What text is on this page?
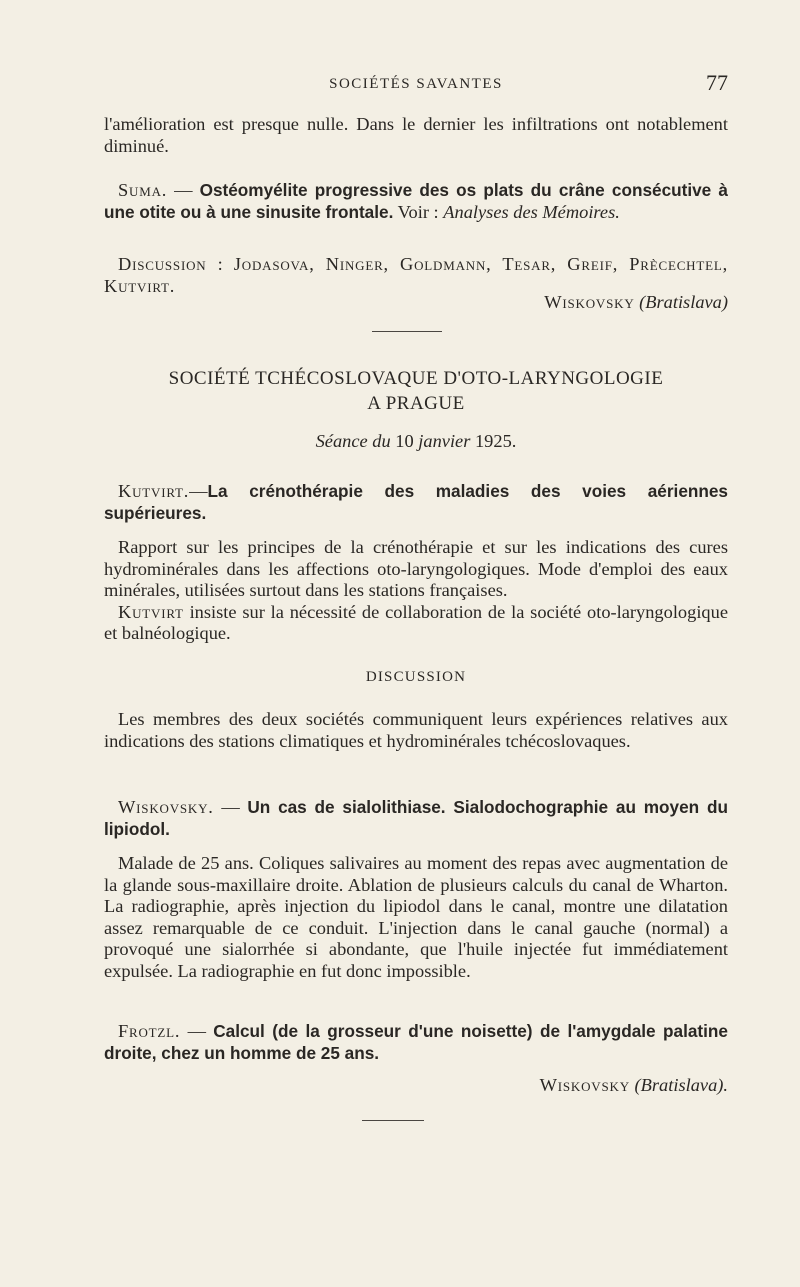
SOCIÉTÉS SAVANTES	77

l'amélioration est presque nulle. Dans le dernier les infiltrations ont notablement diminué.

Suma. — Ostéomyélite progressive des os plats du crâne consécutive à une otite ou à une sinusite frontale. Voir : Analyses des Mémoires.

Discussion : Jodasova, Ninger, Goldmann, Tesar, Greif, Prècechtel, Kutvirt.

Wiskovsky (Bratislava)

SOCIÉTÉ TCHÉCOSLOVAQUE D'OTO-LARYNGOLOGIE
A PRAGUE
Séance du 10 janvier 1925.

Kutvirt.—La crénothérapie des maladies des voies aériennes supérieures.

Rapport sur les principes de la crénothérapie et sur les indications des cures hydrominérales dans les affections oto-laryngologiques. Mode d'emploi des eaux minérales, utilisées surtout dans les stations françaises.

Kutvirt insiste sur la nécessité de collaboration de la société oto-laryngologique et balnéologique.

DISCUSSION

Les membres des deux sociétés communiquent leurs expériences relatives aux indications des stations climatiques et hydrominérales tchécoslovaques.

Wiskovsky. — Un cas de sialolithiase. Sialodochographie au moyen du lipiodol.

Malade de 25 ans. Coliques salivaires au moment des repas avec augmentation de la glande sous-maxillaire droite. Ablation de plusieurs calculs du canal de Wharton. La radiographie, après injection du lipiodol dans le canal, montre une dilatation assez remarquable de ce conduit. L'injection dans le canal gauche (normal) a provoqué une sialorrhée si abondante, que l'huile injectée fut immédiatement expulsée. La radiographie en fut donc impossible.

Frotzl. — Calcul (de la grosseur d'une noisette) de l'amygdale palatine droite, chez un homme de 25 ans.

Wiskovsky (Bratislava).
